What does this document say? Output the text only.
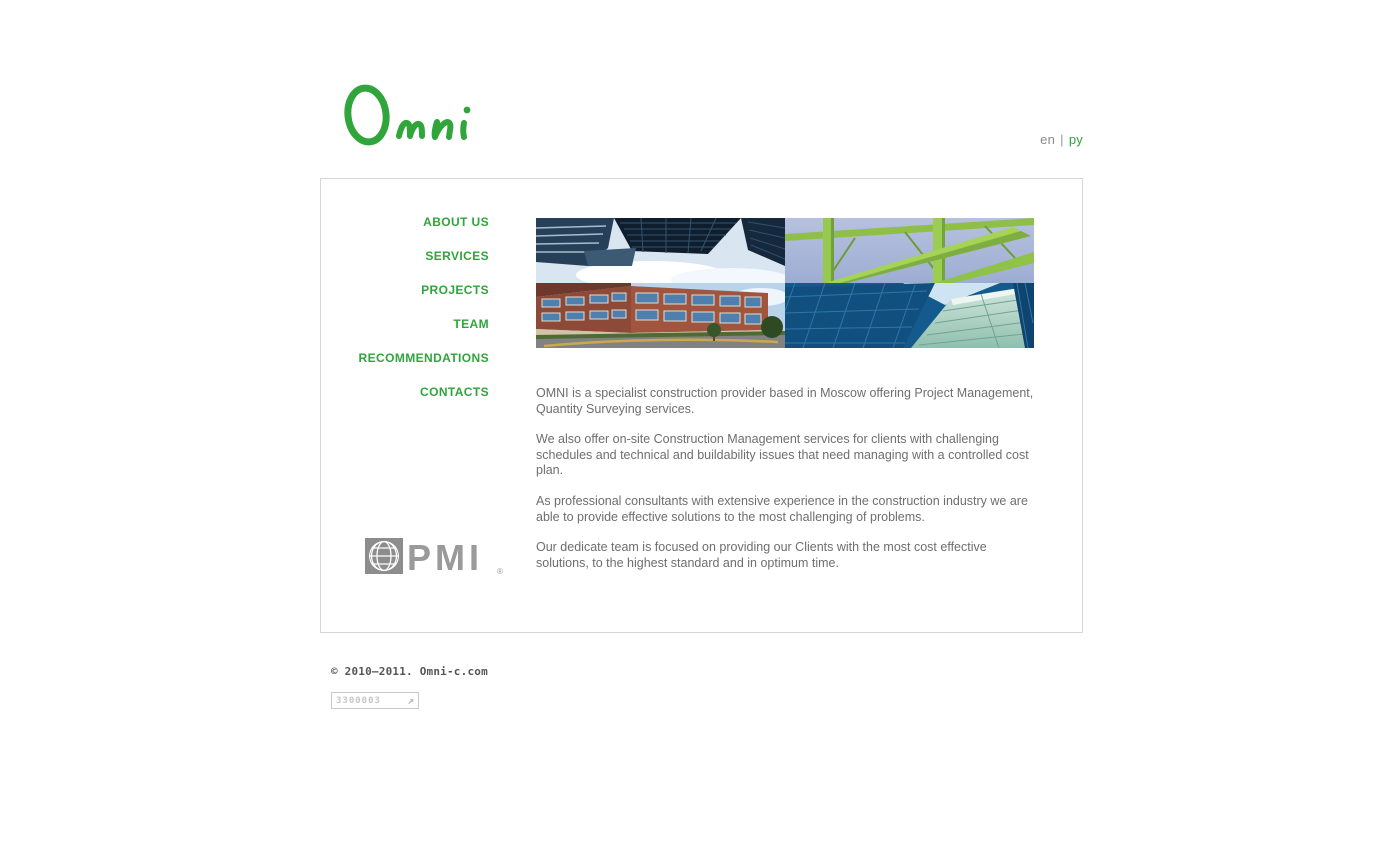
en | ру
ABOUT US
SERVICES
PROJECTS
TEAM
RECOMMENDATIONS
CONTACTS	OMNI is a specialist construction provider based in Moscow offering Project Management, Quantity Surveying services.

We also offer on-site Construction Management services for clients with challenging schedules and technical and buildability issues that need managing with a controlled cost plan.

As professional consultants with extensive experience in the construction industry we are able to provide effective solutions to the most challenging of problems.

Our dedicate team is focused on providing our Clients with the most cost effective solutions, to the highest standard and in optimum time.

PMI ®
© 2010—2011. Omni-c.com
3300003 ↗
